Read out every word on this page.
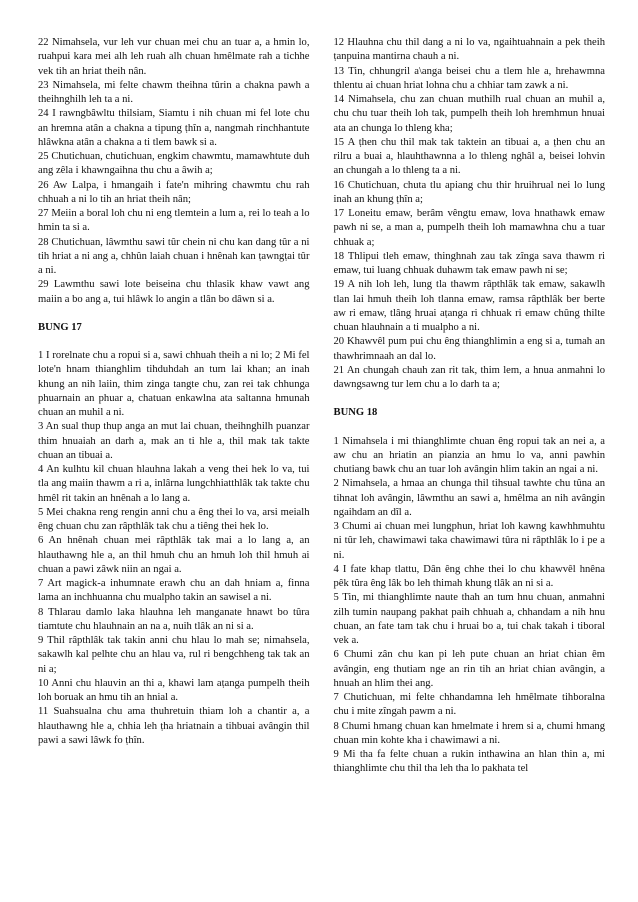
22 Nimahsela, vur leh vur chuan mei chu an tuar a, a hmin lo, ruahpui kara mei alh leh ruah alh chuan hmêlmate rah a tichhe vek tih an hriat theih nân.

23 Nimahsela, mi felte chawm theihna tûrin a chakna pawh a theihnghilh leh ta a ni.

24 I rawngbâwltu thilsiam, Siamtu i nih chuan mi fel lote chu an hremna atân a chakna a tipung ṭhîn a, nangmah rinchhantute hlâwkna atân a chakna a ti tlem bawk si a.

25 Chutichuan, chutichuan, engkim chawmtu, mamawhtute duh ang zêla i khawngaihna thu chu a âwih a;

26 Aw Lalpa, i hmangaih i fate'n mihring chawmtu chu rah chhuah a ni lo tih an hriat theih nân;

27 Meiin a boral loh chu ni eng tlemtein a lum a, rei lo teah a lo hmin ta si a.

28 Chutichuan, lâwmthu sawi tûr chein ni chu kan dang tûr a ni tih hriat a ni ang a, chhûn laiah chuan i hnênah kan ṭawngṭai tûr a ni.

29 Lawmthu sawi lote beiseina chu thlasik khaw vawt ang maiin a bo ang a, tui hlâwk lo angin a tlân bo dâwn si a.

BUNG 17

1 I rorelnate chu a ropui si a, sawi chhuah theih a ni lo; 2 Mi fel lote'n hnam thianghlim tihduhdah an tum lai khan; an inah khung an nih laiin, thim zinga tangte chu, zan rei tak chhunga phuarnain an phuar a, chatuan enkawlna ata saltanna hmunah chuan an muhil a ni.

3 An sual thup thup anga an mut lai chuan, theihnghilh puanzar thim hnuaiah an darh a, mak an ti hle a, thil mak tak takte chuan an tibuai a.

4 An kulhtu kil chuan hlauhna lakah a veng thei hek lo va, tui tla ang maiin thawm a ri a, inlârna lungchhiatthlâk tak takte chu hmêl rit takin an hnênah a lo lang a.

5 Mei chakna reng rengin anni chu a êng thei lo va, arsi meialh êng chuan chu zan râpthlâk tak chu a tiêng thei hek lo.

6 An hnênah chuan mei râpthlâk tak mai a lo lang a, an hlauthawng hle a, an thil hmuh chu an hmuh loh thil hmuh ai chuan a pawi zâwk niin an ngai a.

7 Art magick-a inhumnate erawh chu an dah hniam a, finna lama an inchhuanna chu mualpho takin an sawisel a ni.

8 Thlarau damlo laka hlauhna leh manganate hnawt bo tûra tiamtute chu hlauhnain an na a, nuih tlâk an ni si a.

9 Thil râpthlâk tak takin anni chu hlau lo mah se; nimahsela, sakawlh kal pelhte chu an hlau va, rul ri bengchheng tak tak an ni a;

10 Anni chu hlauvin an thi a, khawi lam aṭanga pumpelh theih loh boruak an hmu tih an hnial a.

11 Suahsualna chu ama thuhretuin thiam loh a chantir a, a hlauthawng hle a, chhia leh ṭha hriatnain a tihbuai avângin thil pawi a sawi lâwk fo ṭhîn.

12 Hlauhna chu thil dang a ni lo va, ngaihtuahnain a pek theih ṭanpuina mantirna chauh a ni.

13 Tin, chhungril a\anga beisei chu a tlem hle a, hrehawmna thlentu ai chuan hriat lohna chu a chhiar tam zawk a ni.

14 Nimahsela, chu zan chuan muthilh rual chuan an muhil a, chu chu tuar theih loh tak, pumpelh theih loh hremhmun hnuai ata an chunga lo thleng kha;

15 A ṭhen chu thil mak tak taktein an tibuai a, a ṭhen chu an rilru a buai a, hlauhthawnna a lo thleng nghâl a, beisei lohvin an chungah a lo thleng ta a ni.

16 Chutichuan, chuta tlu apiang chu thir hruihrual nei lo lung inah an khung ṭhîn a;

17 Loneitu emaw, berâm vêngtu emaw, lova hnathawk emaw pawh ni se, a man a, pumpelh theih loh mamawhna chu a tuar chhuak a;

18 Thlipui tleh emaw, thinghnah zau tak zînga sava thawm ri emaw, tui luang chhuak duhawm tak emaw pawh ni se;

19 A nih loh leh, lung tla thawm râpthlâk tak emaw, sakawlh tlan lai hmuh theih loh tlanna emaw, ramsa râpthlâk ber berte aw ri emaw, tlâng hruai aṭanga ri chhuak ri emaw chûng thilte chuan hlauhnain a ti mualpho a ni.

20 Khawvêl pum pui chu êng thianghlimin a eng si a, tumah an thawhrimnaah an dal lo.

21 An chungah chauh zan rit tak, thim lem, a hnua anmahni lo dawngsawng tur lem chu a lo darh ta a;

BUNG 18

1 Nimahsela i mi thianghlimte chuan êng ropui tak an nei a, a aw chu an hriatin an pianzia an hmu lo va, anni pawhin chutiang bawk chu an tuar loh avângin hlim takin an ngai a ni.

2 Nimahsela, a hmaa an chunga thil tihsual tawhte chu tûna an tihnat loh avângin, lâwmthu an sawi a, hmêlma an nih avângin ngaihdam an dîl a.

3 Chumi ai chuan mei lungphun, hriat loh kawng kawhhmuhtu ni tûr leh, chawimawi taka chawimawi tûra ni râpthlâk lo i pe a ni.

4 I fate khap tlattu, Dân êng chhe thei lo chu khawvêl hnêna pêk tûra êng lâk bo leh thimah khung tlâk an ni si a.

5 Tin, mi thianghlimte naute thah an tum hnu chuan, anmahni zilh tumin naupang pakhat paih chhuah a, chhandam a nih hnu chuan, an fate tam tak chu i hruai bo a, tui chak takah i tiboral vek a.

6 Chumi zân chu kan pi leh pute chuan an hriat chian êm avângin, eng thutiam nge an rin tih an hriat chian avângin, a hnuah an hlim thei ang.

7 Chutichuan, mi felte chhandamna leh hmêlmate tihboralna chu i mite zîngah pawm a ni.

8 Chumi hmang chuan kan hmelmate i hrem si a, chumi hmang chuan min kohte kha i chawimawi a ni.

9 Mi tha fa felte chuan a rukin inthawina an hlan thin a, mi thianghlimte chu thil tha leh tha lo pakhata tel
